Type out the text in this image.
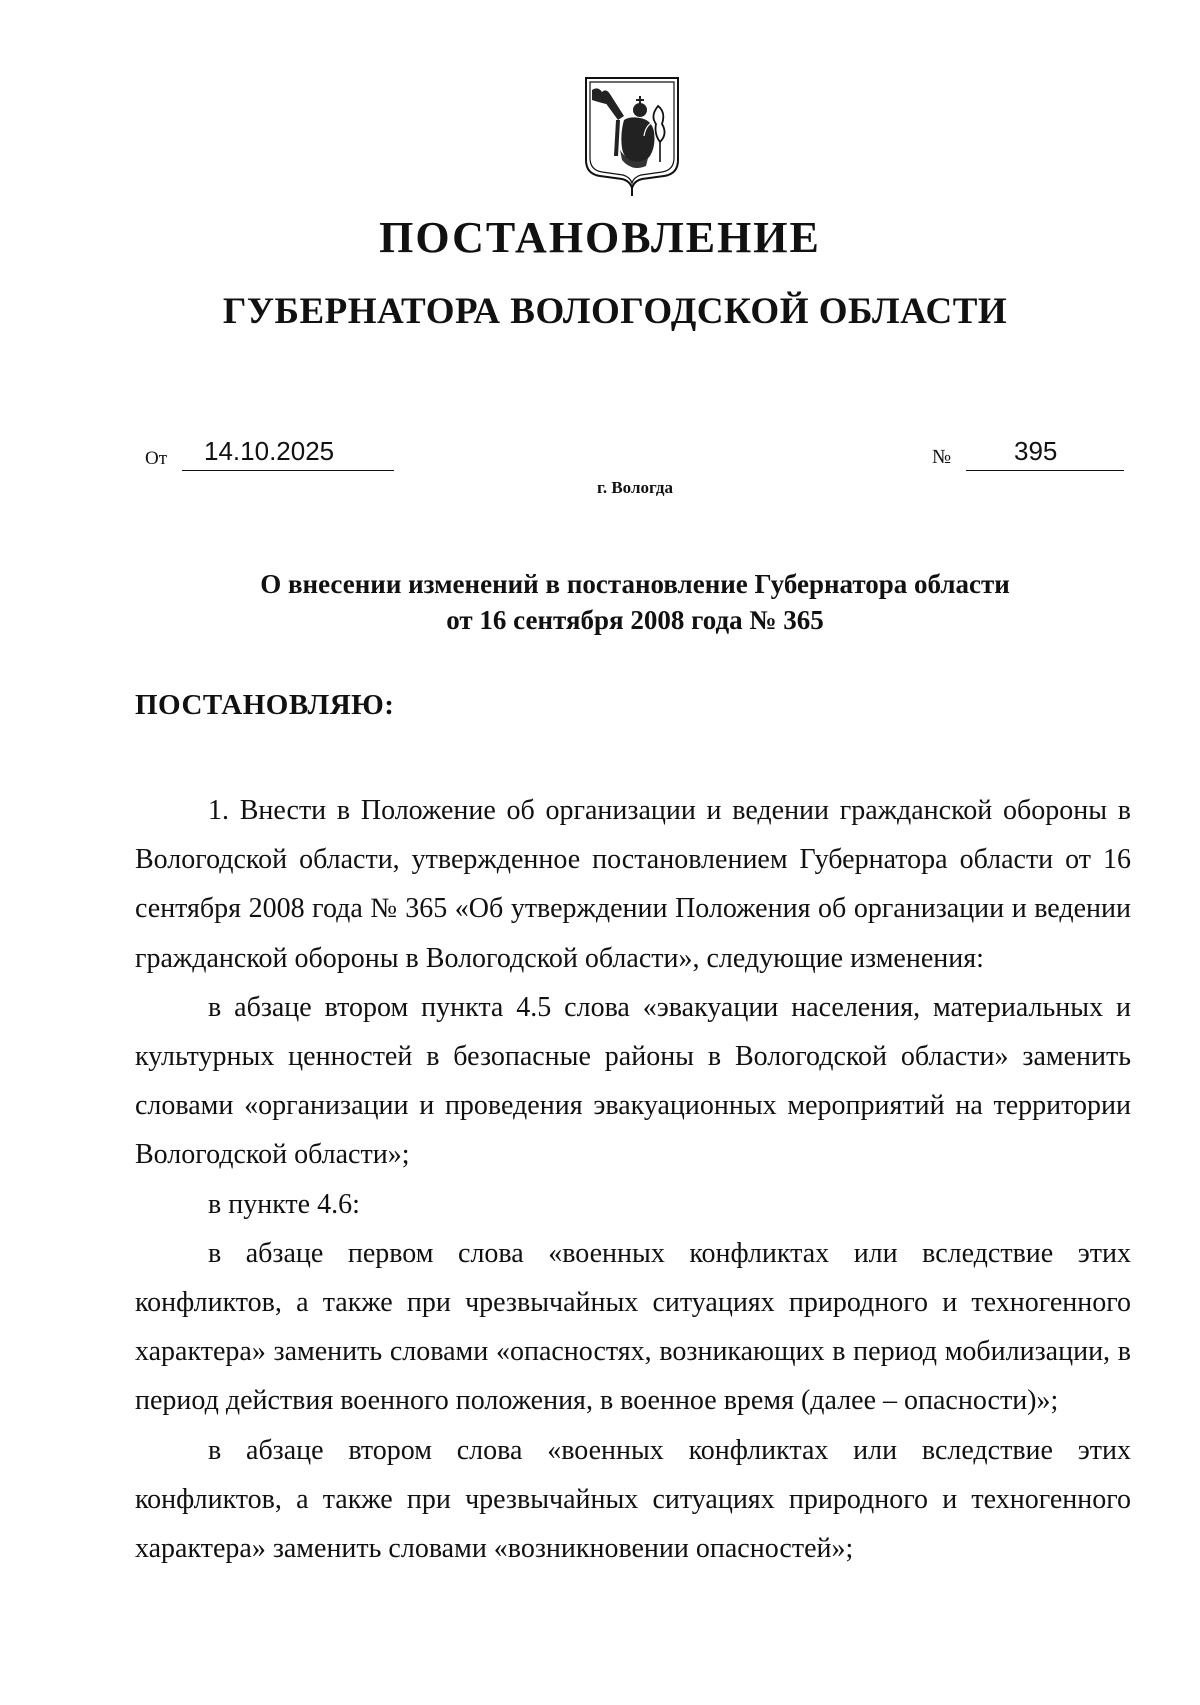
ПОСТАНОВЛЕНИЕ
ГУБЕРНАТОРА ВОЛОГОДСКОЙ ОБЛАСТИ
От 14.10.2025	№ 395
г. Вологда
О внесении изменений в постановление Губернатора области
от 16 сентября 2008 года № 365
ПОСТАНОВЛЯЮ:

1. Внести в Положение об организации и ведении гражданской обороны в Вологодской области, утвержденное постановлением Губернатора области от 16 сентября 2008 года № 365 «Об утверждении Положения об организации и ведении гражданской обороны в Вологодской области», следующие изменения:

в абзаце втором пункта 4.5 слова «эвакуации населения, материальных и культурных ценностей в безопасные районы в Вологодской области» заменить словами «организации и проведения эвакуационных мероприятий на территории Вологодской области»;

в пункте 4.6:

в абзаце первом слова «военных конфликтах или вследствие этих конфликтов, а также при чрезвычайных ситуациях природного и техногенного характера» заменить словами «опасностях, возникающих в период мобилизации, в период действия военного положения, в военное время (далее – опасности)»;

в абзаце втором слова «военных конфликтах или вследствие этих конфликтов, а также при чрезвычайных ситуациях природного и техногенного характера» заменить словами «возникновении опасностей»;
